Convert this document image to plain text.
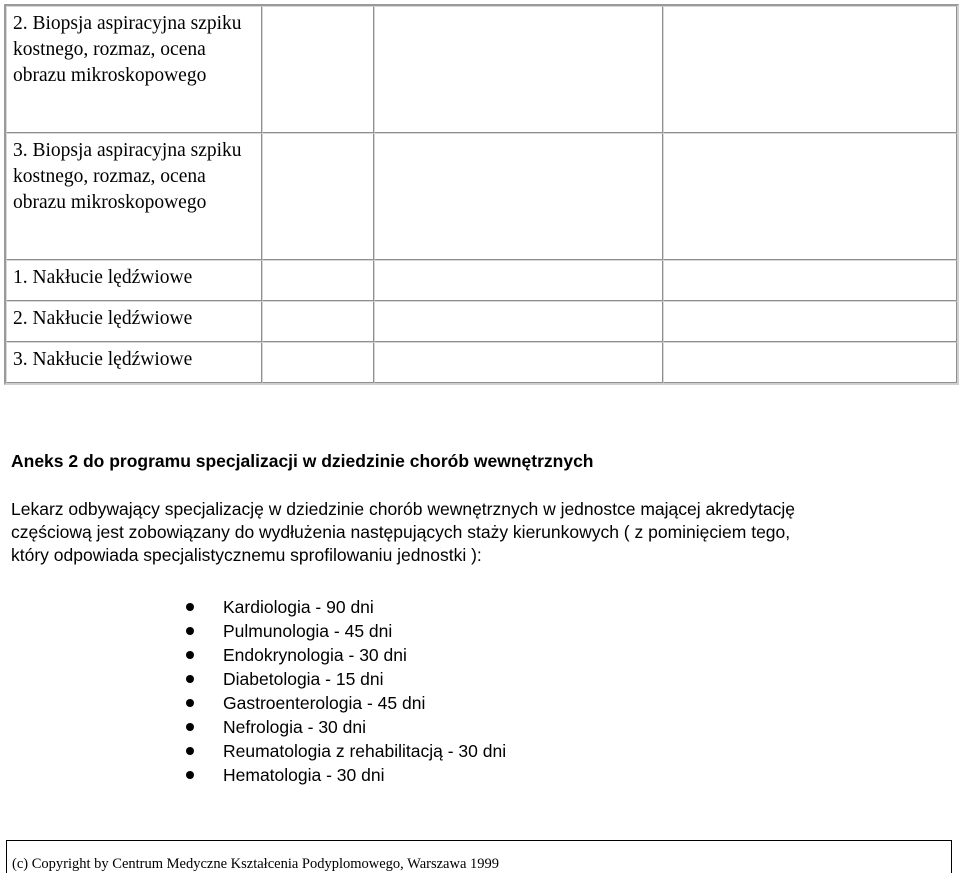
2. Biopsja aspiracyjna szpiku kostnego, rozmaz, ocena obrazu mikroskopowego			
3. Biopsja aspiracyjna szpiku kostnego, rozmaz, ocena obrazu mikroskopowego			
1. Nakłucie lędźwiowe			
2. Nakłucie lędźwiowe			
3. Nakłucie lędźwiowe			
Aneks 2 do programu specjalizacji w dziedzinie chorób wewnętrznych

Lekarz odbywający specjalizację w dziedzinie chorób wewnętrznych w jednostce mającej akredytację
częściową jest zobowiązany do wydłużenia następujących staży kierunkowych ( z pominięciem tego,
który odpowiada specjalistycznemu sprofilowaniu jednostki ):

Kardiologia - 90 dni
Pulmunologia - 45 dni
Endokrynologia - 30 dni
Diabetologia - 15 dni
Gastroenterologia - 45 dni
Nefrologia - 30 dni
Reumatologia z rehabilitacją - 30 dni
Hematologia - 30 dni
(c) Copyright by Centrum Medyczne Kształcenia Podyplomowego, Warszawa 1999
